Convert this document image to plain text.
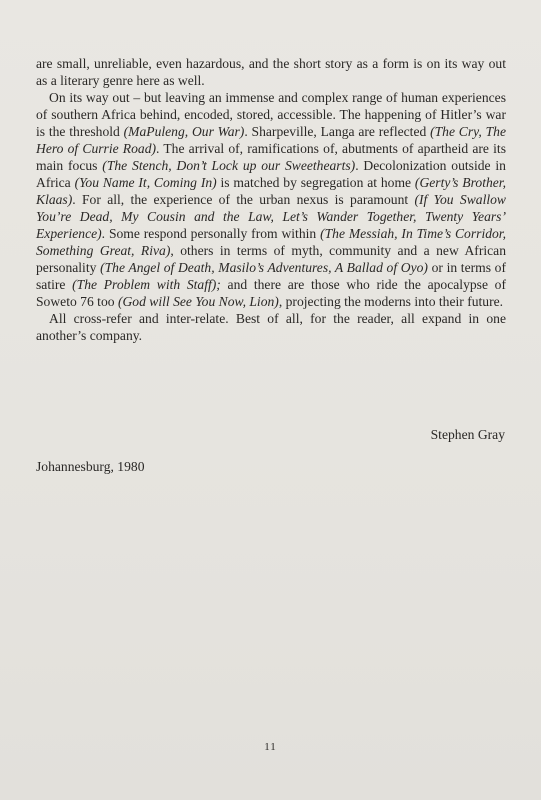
are small, unreliable, even hazardous, and the short story as a form is on its way out as a literary genre here as well.

On its way out – but leaving an immense and complex range of human experiences of southern Africa behind, encoded, stored, accessible. The happening of Hitler’s war is the threshold (MaPuleng, Our War). Sharpeville, Langa are reflected (The Cry, The Hero of Currie Road). The arrival of, ramifications of, abutments of apartheid are its main focus (The Stench, Don’t Lock up our Sweethearts). Decolonization outside in Africa (You Name It, Coming In) is matched by segregation at home (Gerty’s Brother, Klaas). For all, the experience of the urban nexus is paramount (If You Swallow You’re Dead, My Cousin and the Law, Let’s Wander Together, Twenty Years’ Experience). Some respond personally from within (The Messiah, In Time’s Corridor, Something Great, Riva), others in terms of myth, community and a new African personality (The Angel of Death, Masilo’s Adventures, A Ballad of Oyo) or in terms of satire (The Problem with Staff); and there are those who ride the apocalypse of Soweto 76 too (God will See You Now, Lion), projecting the moderns into their future.

All cross-refer and inter-relate. Best of all, for the reader, all expand in one another’s company.

Stephen Gray
Johannesburg, 1980
11
